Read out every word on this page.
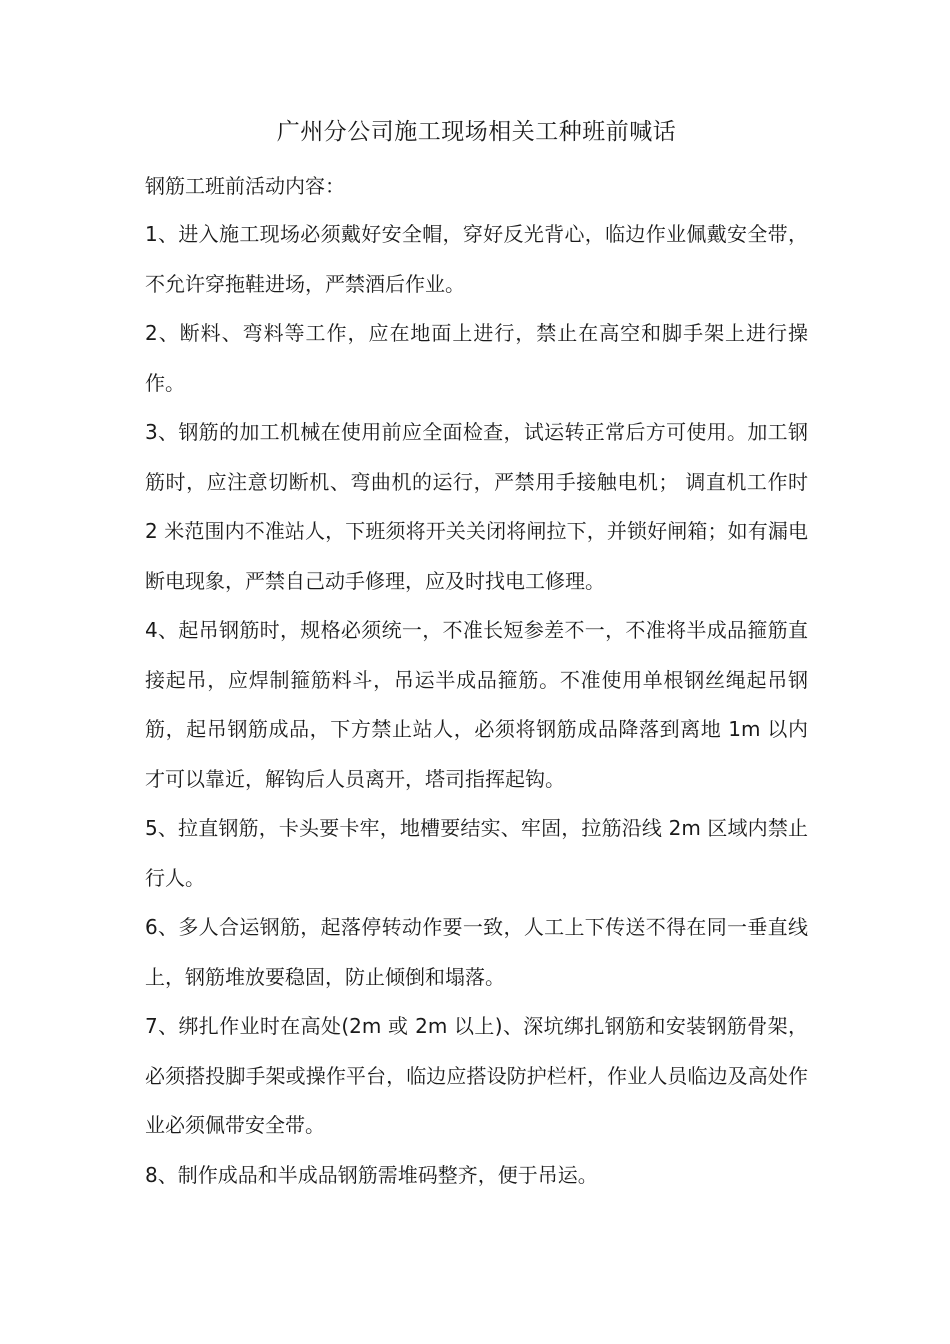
广州分公司施工现场相关工种班前喊话

钢筋工班前活动内容：

1、进入施工现场必须戴好安全帽，穿好反光背心，临边作业佩戴安全带，不允许穿拖鞋进场，严禁酒后作业。

2、断料、弯料等工作，应在地面上进行，禁止在高空和脚手架上进行操作。

3、钢筋的加工机械在使用前应全面检查，试运转正常后方可使用。加工钢筋时，应注意切断机、弯曲机的运行，严禁用手接触电机； 调直机工作时 2 米范围内不准站人，下班须将开关关闭将闸拉下，并锁好闸箱；如有漏电断电现象，严禁自己动手修理，应及时找电工修理。

4、起吊钢筋时，规格必须统一，不准长短参差不一，不准将半成品箍筋直接起吊，应焊制箍筋料斗，吊运半成品箍筋。不准使用单根钢丝绳起吊钢筋，起吊钢筋成品，下方禁止站人，必须将钢筋成品降落到离地 1m 以内才可以靠近，解钩后人员离开，塔司指挥起钩。

5、拉直钢筋，卡头要卡牢，地槽要结实、牢固，拉筋沿线 2m 区域内禁止行人。

6、多人合运钢筋，起落停转动作要一致，人工上下传送不得在同一垂直线上，钢筋堆放要稳固，防止倾倒和塌落。

7、绑扎作业时在高处(2m 或 2m 以上)、深坑绑扎钢筋和安装钢筋骨架，必须搭投脚手架或操作平台，临边应搭设防护栏杆，作业人员临边及高处作业必须佩带安全带。

8、制作成品和半成品钢筋需堆码整齐，便于吊运。
